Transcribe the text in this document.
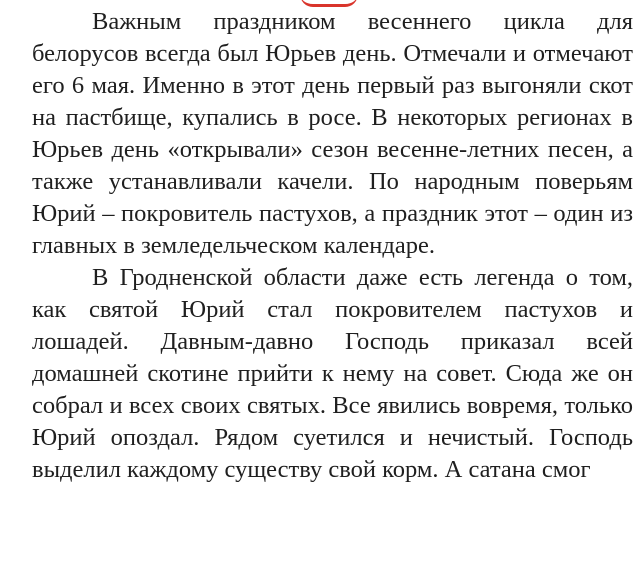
Важным праздником весеннего цикла для белорусов всегда был Юрьев день. Отмечали и отмечают его 6 мая. Именно в этот день первый раз выгоняли скот на пастбище, купались в росе. В некоторых регионах в Юрьев день «открывали» сезон весенне-летних песен, а также устанавливали качели. По народным поверьям Юрий – покровитель пастухов, а праздник этот – один из главных в земледельческом календаре.

В Гродненской области даже есть легенда о том, как святой Юрий стал покровителем пастухов и лошадей. Давным-давно Господь приказал всей домашней скотине прийти к нему на совет. Сюда же он собрал и всех своих святых. Все явились вовремя, только Юрий опоздал. Рядом суетился и нечистый. Господь выделил каждому существу свой корм. А сатана смог
